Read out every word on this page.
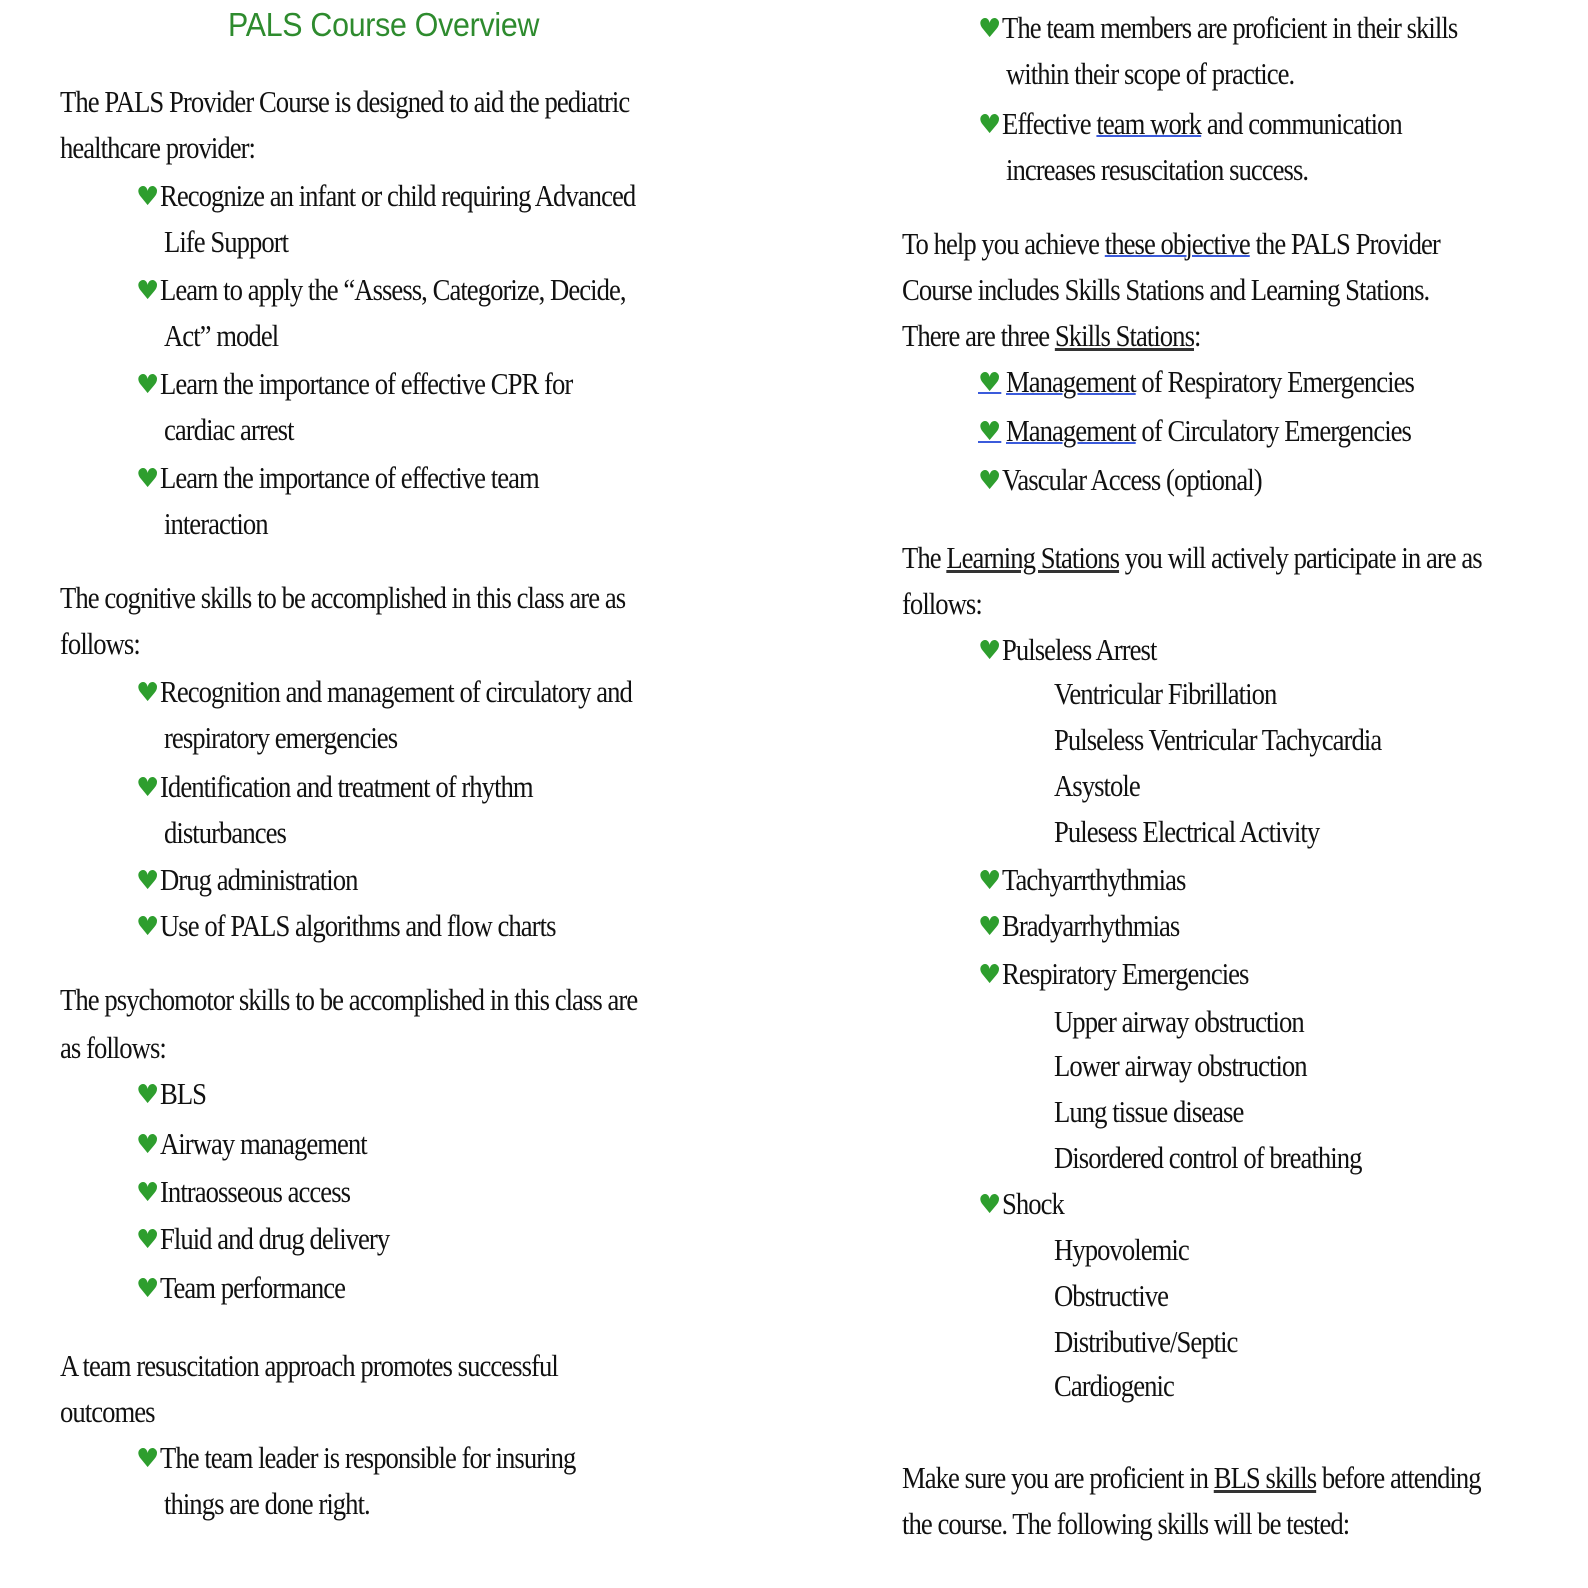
PALS Course Overview
The PALS Provider Course is designed to aid the pediatric
healthcare provider:
♥ Recognize an infant or child requiring Advanced
Life Support
♥ Learn to apply the “Assess, Categorize, Decide,
Act” model
♥ Learn the importance of effective CPR for
cardiac arrest
♥ Learn the importance of effective team
interaction
The cognitive skills to be accomplished in this class are as
follows:
♥ Recognition and management of circulatory and
respiratory emergencies
♥ Identification and treatment of rhythm
disturbances
♥ Drug administration
♥ Use of PALS algorithms and flow charts
The psychomotor skills to be accomplished in this class are
as follows:
♥ BLS
♥ Airway management
♥ Intraosseous access
♥ Fluid and drug delivery
♥ Team performance
A team resuscitation approach promotes successful
outcomes
♥ The team leader is responsible for insuring
things are done right.
♥ The team members are proficient in their skills
within their scope of practice.
♥ Effective team work and communication
increases resuscitation success.
To help you achieve these objective the PALS Provider
Course includes Skills Stations and Learning Stations.
There are three Skills Stations:
♥ Management of Respiratory Emergencies
♥ Management of Circulatory Emergencies
♥ Vascular Access (optional)
The Learning Stations you will actively participate in are as
follows:
♥ Pulseless Arrest
Ventricular Fibrillation
Pulseless Ventricular Tachycardia
Asystole
Pulesess Electrical Activity
♥ Tachyarrthythmias
♥ Bradyarrhythmias
♥ Respiratory Emergencies
Upper airway obstruction
Lower airway obstruction
Lung tissue disease
Disordered control of breathing
♥ Shock
Hypovolemic
Obstructive
Distributive/Septic
Cardiogenic
Make sure you are proficient in BLS skills before attending
the course. The following skills will be tested:
